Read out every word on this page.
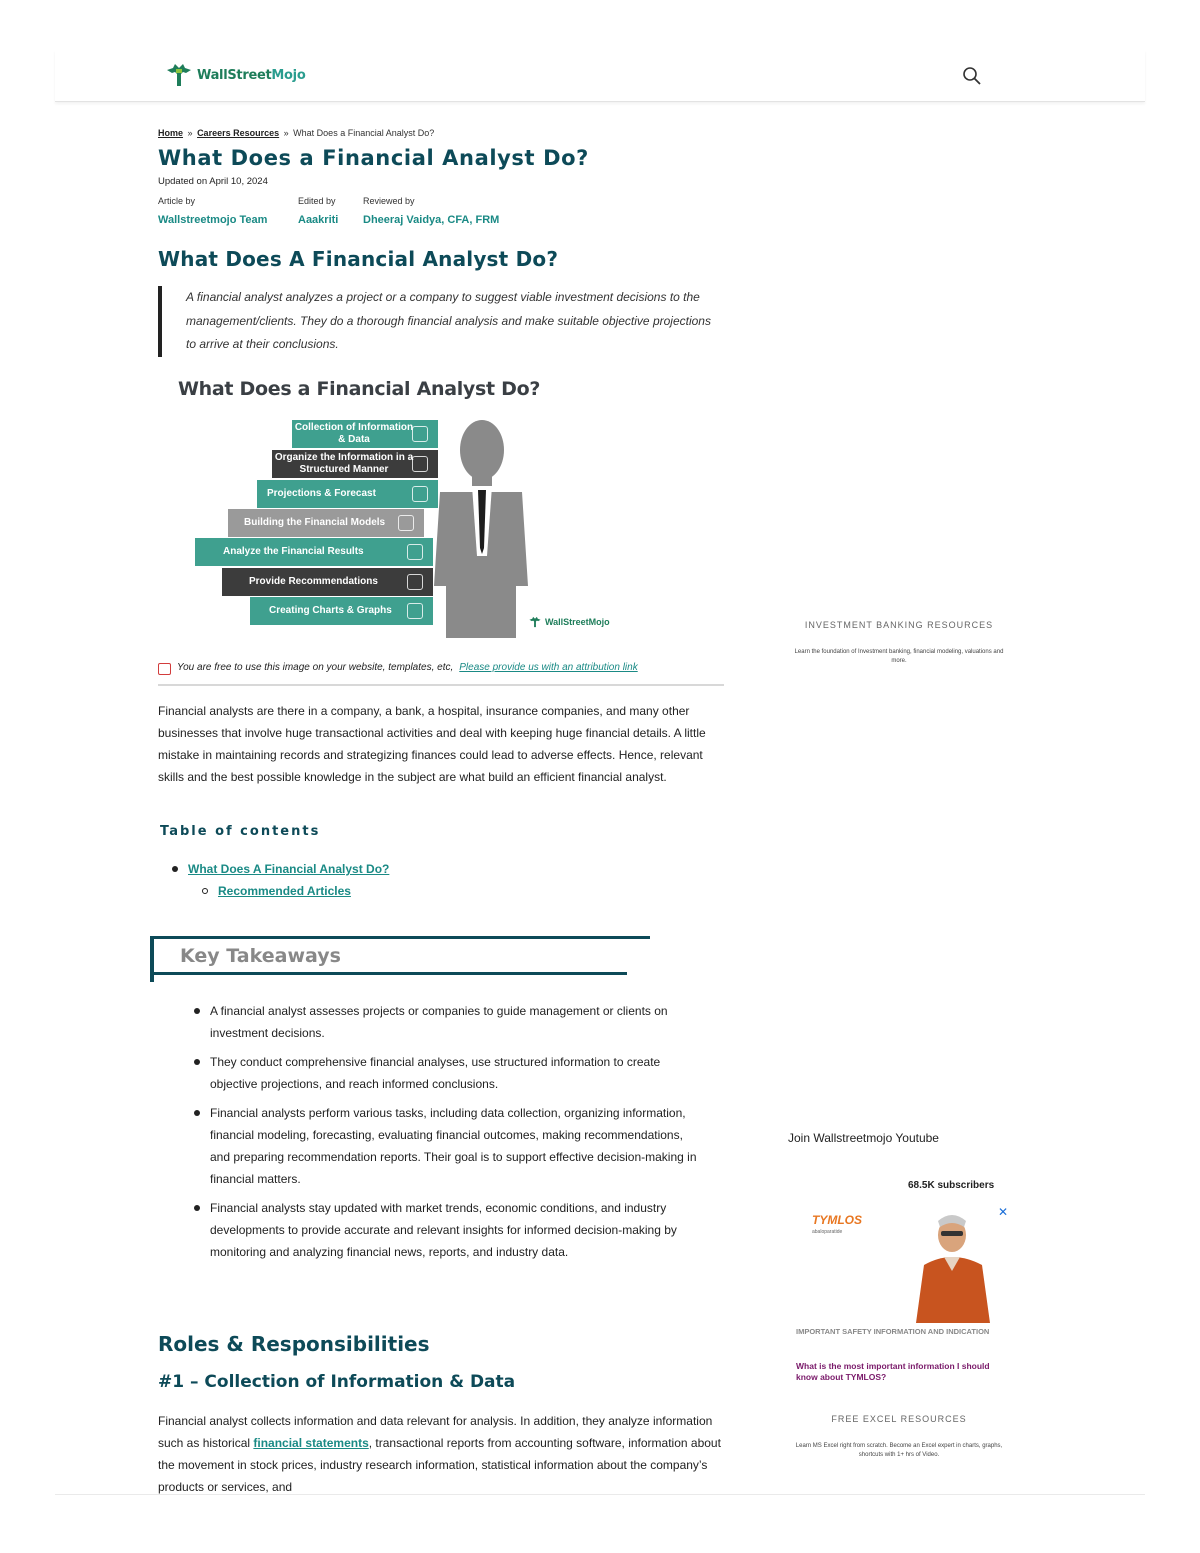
WallStreetMojo
Home » Careers Resources » What Does a Financial Analyst Do?
What Does a Financial Analyst Do?
Updated on April 10, 2024
Article by
Wallstreetmojo Team
Edited by
Aaakriti
Reviewed by
Dheeraj Vaidya, CFA, FRM
What Does A Financial Analyst Do?
A financial analyst analyzes a project or a company to suggest viable investment decisions to the management/clients. They do a thorough financial analysis and make suitable objective projections to arrive at their conclusions.
What Does a Financial Analyst Do?
Collection of Information & Data
Organize the Information in a Structured Manner
Projections & Forecast
Building the Financial Models
Analyze the Financial Results
Provide Recommendations
Creating Charts & Graphs
WallStreetMojo
You are free to use this image on your website, templates, etc, Please provide us with an attribution link

Financial analysts are there in a company, a bank, a hospital, insurance companies, and many other businesses that involve huge transactional activities and deal with keeping huge financial details. A little mistake in maintaining records and strategizing finances could lead to adverse effects. Hence, relevant skills and the best possible knowledge in the subject are what build an efficient financial analyst.

Table of contents
What Does A Financial Analyst Do?
Recommended Articles
Key Takeaways
A financial analyst assesses projects or companies to guide management or clients on investment decisions.
They conduct comprehensive financial analyses, use structured information to create objective projections, and reach informed conclusions.
Financial analysts perform various tasks, including data collection, organizing information, financial modeling, forecasting, evaluating financial outcomes, making recommendations, and preparing recommendation reports. Their goal is to support effective decision-making in financial matters.
Financial analysts stay updated with market trends, economic conditions, and industry developments to provide accurate and relevant insights for informed decision-making by monitoring and analyzing financial news, reports, and industry data.
Roles & Responsibilities
#1 – Collection of Information & Data

Financial analyst collects information and data relevant for analysis. In addition, they analyze information such as historical financial statements, transactional reports from accounting software, information about the movement in stock prices, industry research information, statistical information about the company’s products or services, and

INVESTMENT BANKING RESOURCES
Learn the foundation of Investment banking, financial modeling, valuations and more.
Join Wallstreetmojo Youtube
68.5K subscribers
TYMLOS
abaloparatide
✕
IMPORTANT SAFETY INFORMATION AND INDICATION
What is the most important information I should know about TYMLOS?
FREE EXCEL RESOURCES
Learn MS Excel right from scratch. Become an Excel expert in charts, graphs, shortcuts with 1+ hrs of Video.
